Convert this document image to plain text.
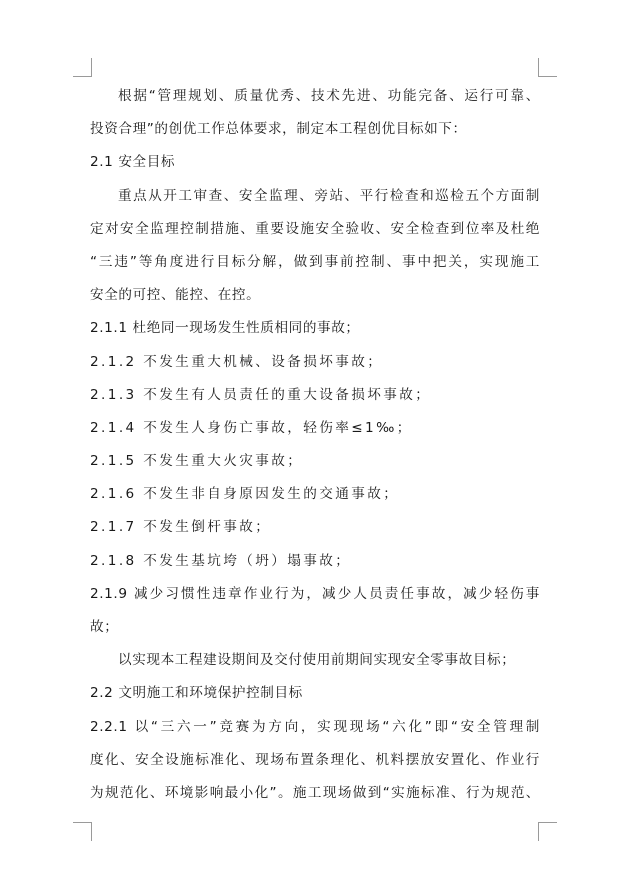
根据“管理规划、质量优秀、技术先进、功能完备、运行可靠、
投资合理”的创优工作总体要求，制定本工程创优目标如下：
2.1 安全目标
重点从开工审查、安全监理、旁站、平行检查和巡检五个方面制
定对安全监理控制措施、重要设施安全验收、安全检查到位率及杜绝
“三违”等角度进行目标分解，做到事前控制、事中把关，实现施工
安全的可控、能控、在控。
2.1.1 杜绝同一现场发生性质相同的事故；
2.1.2 不发生重大机械、设备损坏事故；
2.1.3 不发生有人员责任的重大设备损坏事故；
2.1.4 不发生人身伤亡事故，轻伤率≤1‰；
2.1.5 不发生重大火灾事故；
2.1.6 不发生非自身原因发生的交通事故；
2.1.7 不发生倒杆事故；
2.1.8 不发生基坑垮（坍）塌事故；
2.1.9 减少习惯性违章作业行为，减少人员责任事故，减少轻伤事
故；
以实现本工程建设期间及交付使用前期间实现安全零事故目标；
2.2 文明施工和环境保护控制目标
2.2.1 以“三六一”竞赛为方向，实现现场“六化”即“安全管理制
度化、安全设施标准化、现场布置条理化、机料摆放安置化、作业行
为规范化、环境影响最小化”。施工现场做到“实施标准、行为规范、
